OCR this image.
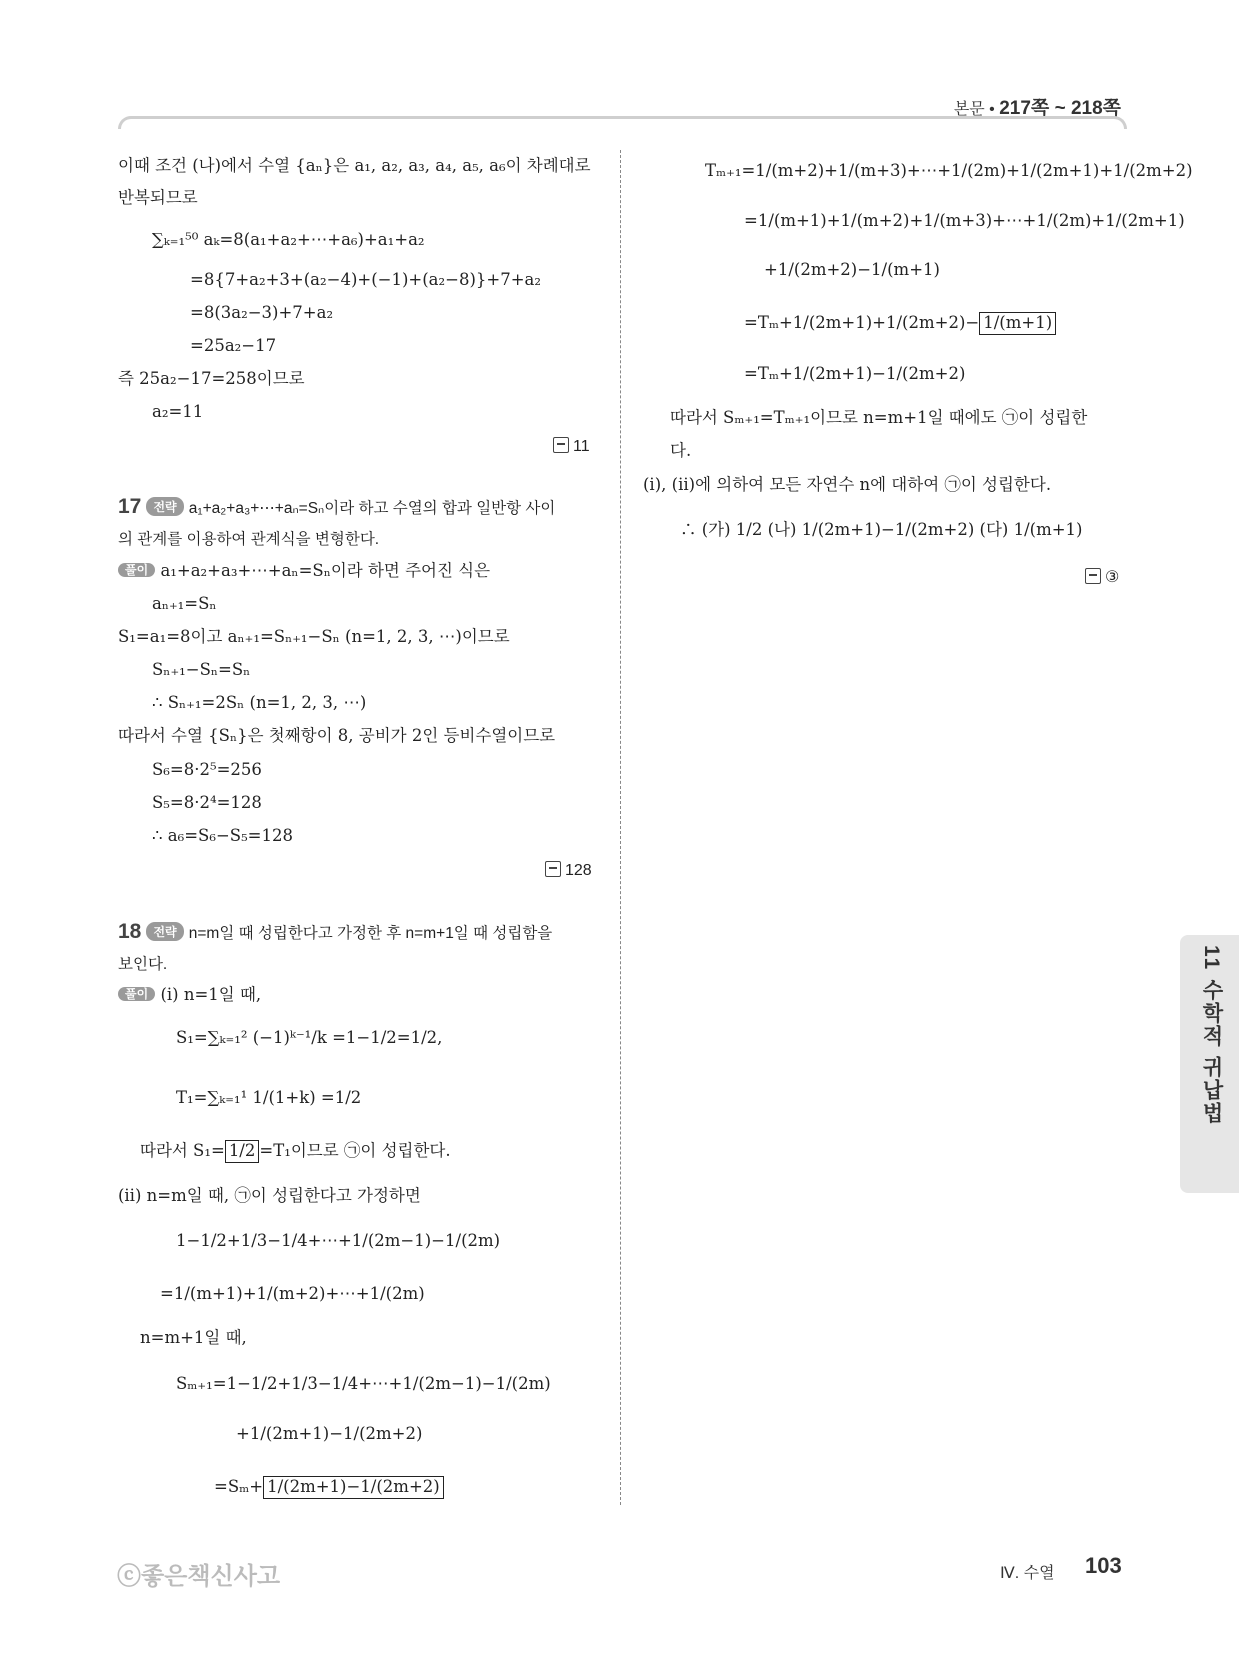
본문 • 217쪽 ~ 218쪽
이때 조건 (나)에서 수열 {aₙ}은 a₁, a₂, a₃, a₄, a₅, a₆이 차례대로
반복되므로
∑ₖ₌₁⁵⁰ aₖ=8(a₁+a₂+⋯+a₆)+a₁+a₂
=8{7+a₂+3+(a₂−4)+(−1)+(a₂−8)}+7+a₂
=8(3a₂−3)+7+a₂
=25a₂−17
즉 25a₂−17=258이므로
a₂=11
11
17 전략 a₁+a₂+a₃+⋯+aₙ=Sₙ이라 하고 수열의 합과 일반항 사이
의 관계를 이용하여 관계식을 변형한다.
풀이 a₁+a₂+a₃+⋯+aₙ=Sₙ이라 하면 주어진 식은
aₙ₊₁=Sₙ
S₁=a₁=8이고 aₙ₊₁=Sₙ₊₁−Sₙ (n=1, 2, 3, ⋯)이므로
Sₙ₊₁−Sₙ=Sₙ
∴ Sₙ₊₁=2Sₙ (n=1, 2, 3, ⋯)
따라서 수열 {Sₙ}은 첫째항이 8, 공비가 2인 등비수열이므로
S₆=8·2⁵=256
S₅=8·2⁴=128
∴ a₆=S₆−S₅=128
128
18 전략 n=m일 때 성립한다고 가정한 후 n=m+1일 때 성립함을
보인다.
풀이 (ⅰ) n=1일 때,
S₁=∑ₖ₌₁² (−1)ᵏ⁻¹/k =1−1/2=1/2,
T₁=∑ₖ₌₁¹ 1/(1+k) =1/2
따라서 S₁= 1/2 =T₁이므로 ㉠이 성립한다.
(ⅱ) n=m일 때, ㉠이 성립한다고 가정하면
1−1/2+1/3−1/4+⋯+1/(2m−1)−1/(2m)
=1/(m+1)+1/(m+2)+⋯+1/(2m)
n=m+1일 때,
Sₘ₊₁=1−1/2+1/3−1/4+⋯+1/(2m−1)−1/(2m)
+1/(2m+1)−1/(2m+2)
=Sₘ+ 1/(2m+1)−1/(2m+2)
Tₘ₊₁=1/(m+2)+1/(m+3)+⋯+1/(2m)+1/(2m+1)+1/(2m+2)
=1/(m+1)+1/(m+2)+1/(m+3)+⋯+1/(2m)+1/(2m+1)
+1/(2m+2)−1/(m+1)
=Tₘ+1/(2m+1)+1/(2m+2)− 1/(m+1)
=Tₘ+1/(2m+1)−1/(2m+2)
따라서 Sₘ₊₁=Tₘ₊₁이므로 n=m+1일 때에도 ㉠이 성립한
다.
(ⅰ), (ⅱ)에 의하여 모든 자연수 n에 대하여 ㉠이 성립한다.
∴ (가) 1/2 (나) 1/(2m+1)−1/(2m+2) (다) 1/(m+1)
③
11 수학적 귀납법
ⓒ좋은책신사고	Ⅳ. 수열 103
